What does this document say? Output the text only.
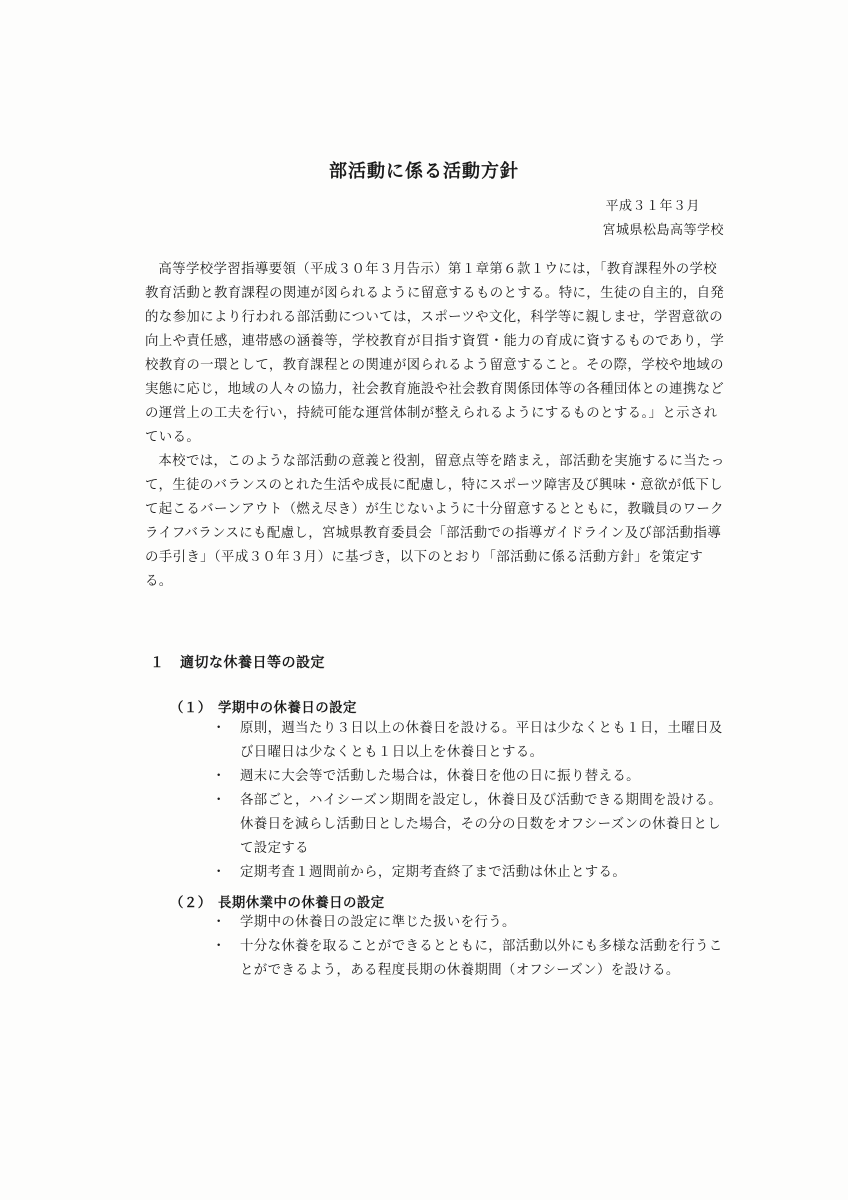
部活動に係る活動方針
平成３１年３月
宮城県松島高等学校

高等学校学習指導要領（平成３０年３月告示）第１章第６款１ウには，「教育課程外の学校教育活動と教育課程の関連が図られるように留意するものとする。特に，生徒の自主的，自発的な参加により行われる部活動については，スポーツや文化，科学等に親しませ，学習意欲の向上や責任感，連帯感の涵養等，学校教育が目指す資質・能力の育成に資するものであり，学校教育の一環として，教育課程との関連が図られるよう留意すること。その際，学校や地域の実態に応じ，地域の人々の協力，社会教育施設や社会教育関係団体等の各種団体との連携などの運営上の工夫を行い，持続可能な運営体制が整えられるようにするものとする。」と示されている。

本校では，このような部活動の意義と役割，留意点等を踏まえ，部活動を実施するに当たって，生徒のバランスのとれた生活や成長に配慮し，特にスポーツ障害及び興味・意欲が低下して起こるバーンアウト（燃え尽き）が生じないように十分留意するとともに，教職員のワークライフバランスにも配慮し，宮城県教育委員会「部活動での指導ガイドライン及び部活動指導の手引き」（平成３０年３月）に基づき，以下のとおり「部活動に係る活動方針」を策定する。

１ 適切な休養日等の設定
（１） 学期中の休養日の設定
・	原則，週当たり３日以上の休養日を設ける。平日は少なくとも１日，土曜日及び日曜日は少なくとも１日以上を休養日とする。
・	週末に大会等で活動した場合は，休養日を他の日に振り替える。
・	各部ごと，ハイシーズン期間を設定し，休養日及び活動できる期間を設ける。休養日を減らし活動日とした場合，その分の日数をオフシーズンの休養日として設定する
・	定期考査１週間前から，定期考査終了まで活動は休止とする。
（２） 長期休業中の休養日の設定
・	学期中の休養日の設定に準じた扱いを行う。
・	十分な休養を取ることができるとともに，部活動以外にも多様な活動を行うことができるよう，ある程度長期の休養期間（オフシーズン）を設ける。
